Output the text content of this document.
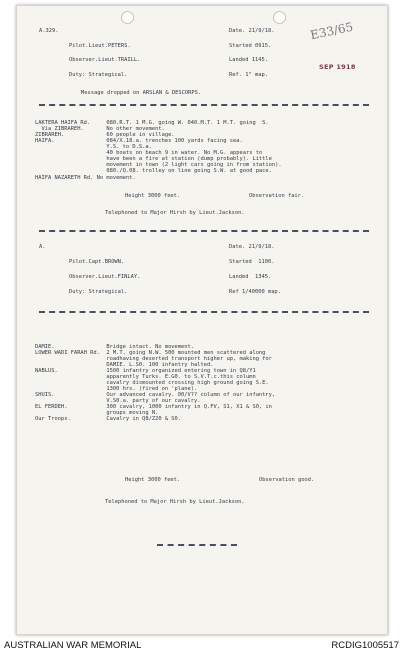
A.329.	Date. 21/9/18.
Pilot.Lieut.PETERS.	Started 0915.
Observer.Lieut.TRAILL.	Landed 1145.
Duty: Strategical.	Ref. 1" map.
E33/65
SEP 1918
Message dropped on ARSLAN & DESCORPS.
LAKTERA HAIFA Rd.     080.R.T. 1 M.G. going W. 040.M.T. 1 M.T. going  S.
Via ZIBRAREH.       No other movement.
ZIBRAREH.             60 people in village.
HAIFA.                084/X.18.a. trenches 100 yards facing sea.
Y.S. to D.S.a.
40 boats on beach 9 in water. No M.G. appears to
have been a fire at station (dump probably). Little
movement in town (2 light cars going in from station).
080./Q.08. trolley on line going S.W. at good pace.
HAIFA NAZARETH Rd. No movement.
Height 3000 feet.	Observation fair.
Telephoned to Major Hirsh by Lieut.Jackson.
A.	Date. 21/9/18.
Pilot.Capt.BROWN.	Started  1100.
Observer.Lieut.FINLAY.	Landed  1345.
Duty: Strategical.	Ref 1/40000 map.
DAMIE.                Bridge intact. No movement.
LOWER WADI FARAH Rd.  2 M.T. going N.W. 500 mounted men scattered along
roadhaving deserted transport higher up, making for
DAMIE. L.S0. 100 infantry halted.
NABLUS.               1500 infantry organized entering town in Q8/Y1
apparently Turks. E.G0. to S.V.T.c.this column
cavalry dismounted crossing high ground going S.E.
1300 hrs. (fired on 'plane).
SHUIS.                Our advanced cavalry. 00/V?? column of our infantry,
V.S0.a. party of our cavalry.
EL FERDEH.            300 cavalry, 1000 infantry in Q.FV, S1, X1 & S0, in
groups moving N.
Our Troops.           Cavalry in Q8/Z20 & S0.
Height 3000 feet.	Observation good.
Telephoned to Major Hirsh by Lieut.Jackson.
AUSTRALIAN WAR MEMORIAL	RCDIG1005517
